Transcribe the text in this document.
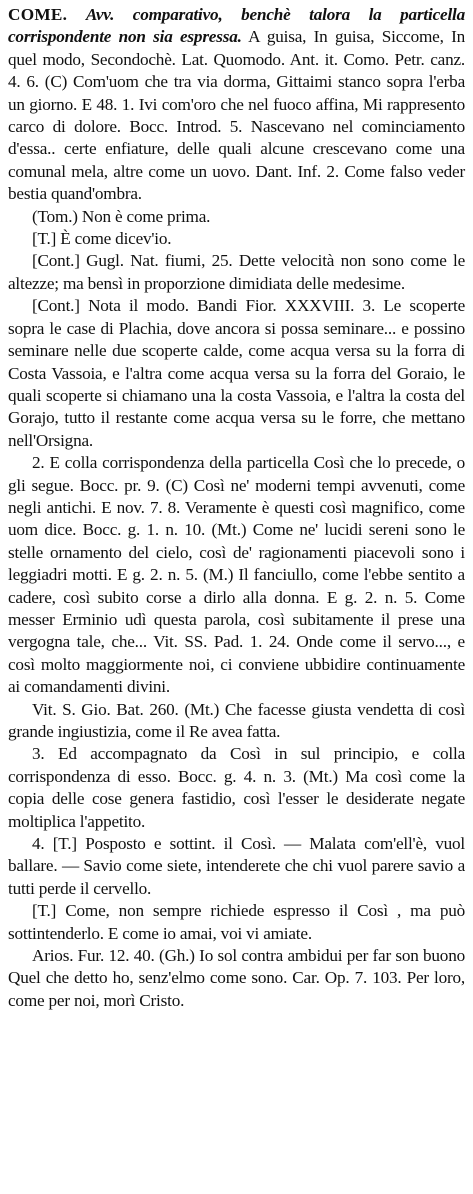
COME. Avv. comparativo, benchè talora la particella corrispondente non sia espressa. A guisa, In guisa, Siccome, In quel modo, Secondochè. Lat. Quomodo. Ant. it. Como. Petr. canz. 4. 6. (C) Com'uom che tra via dorma, Gittaimi stanco sopra l'erba un giorno. E 48. 1. Ivi com'oro che nel fuoco affina, Mi rappresento carco di dolore. Bocc. Introd. 5. Nascevano nel cominciamento d'essa.. certe enfiature, delle quali alcune crescevano come una comunal mela, altre come un uovo. Dant. Inf. 2. Come falso veder bestia quand'ombra.

(Tom.) Non è come prima.

[T.] È come dicev'io.

[Cont.] Gugl. Nat. fiumi, 25. Dette velocità non sono come le altezze; ma bensì in proporzione dimidiata delle medesime.

[Cont.] Nota il modo. Bandi Fior. XXXVIII. 3. Le scoperte sopra le case di Plachia, dove ancora si possa seminare... e possino seminare nelle due scoperte calde, come acqua versa su la forra di Costa Vassoia, e l'altra come acqua versa su la forra del Goraio, le quali scoperte si chiamano una la costa Vassoia, e l'altra la costa del Gorajo, tutto il restante come acqua versa su le forre, che mettano nell'Orsigna.

2. E colla corrispondenza della particella Così che lo precede, o gli segue. Bocc. pr. 9. (C) Così ne' moderni tempi avvenuti, come negli antichi. E nov. 7. 8. Veramente è questi così magnifico, come uom dice. Bocc. g. 1. n. 10. (Mt.) Come ne' lucidi sereni sono le stelle ornamento del cielo, così de' ragionamenti piacevoli sono i leggiadri motti. E g. 2. n. 5. (M.) Il fanciullo, come l'ebbe sentito a cadere, così subito corse a dirlo alla donna. E g. 2. n. 5. Come messer Erminio udì questa parola, così subitamente il prese una vergogna tale, che... Vit. SS. Pad. 1. 24. Onde come il servo..., e così molto maggiormente noi, ci conviene ubbidire continuamente ai comandamenti divini.

Vit. S. Gio. Bat. 260. (Mt.) Che facesse giusta vendetta di così grande ingiustizia, come il Re avea fatta.

3. Ed accompagnato da Così in sul principio, e colla corrispondenza di esso. Bocc. g. 4. n. 3. (Mt.) Ma così come la copia delle cose genera fastidio, così l'esser le desiderate negate moltiplica l'appetito.

4. [T.] Posposto e sottint. il Così. — Malata com'ell'è, vuol ballare. — Savio come siete, intenderete che chi vuol parere savio a tutti perde il cervello.

[T.] Come, non sempre richiede espresso il Così , ma può sottintenderlo. E come io amai, voi vi amiate.

Arios. Fur. 12. 40. (Gh.) Io sol contra ambidui per far son buono Quel che detto ho, senz'elmo come sono. Car. Op. 7. 103. Per loro, come per noi, morì Cristo.
